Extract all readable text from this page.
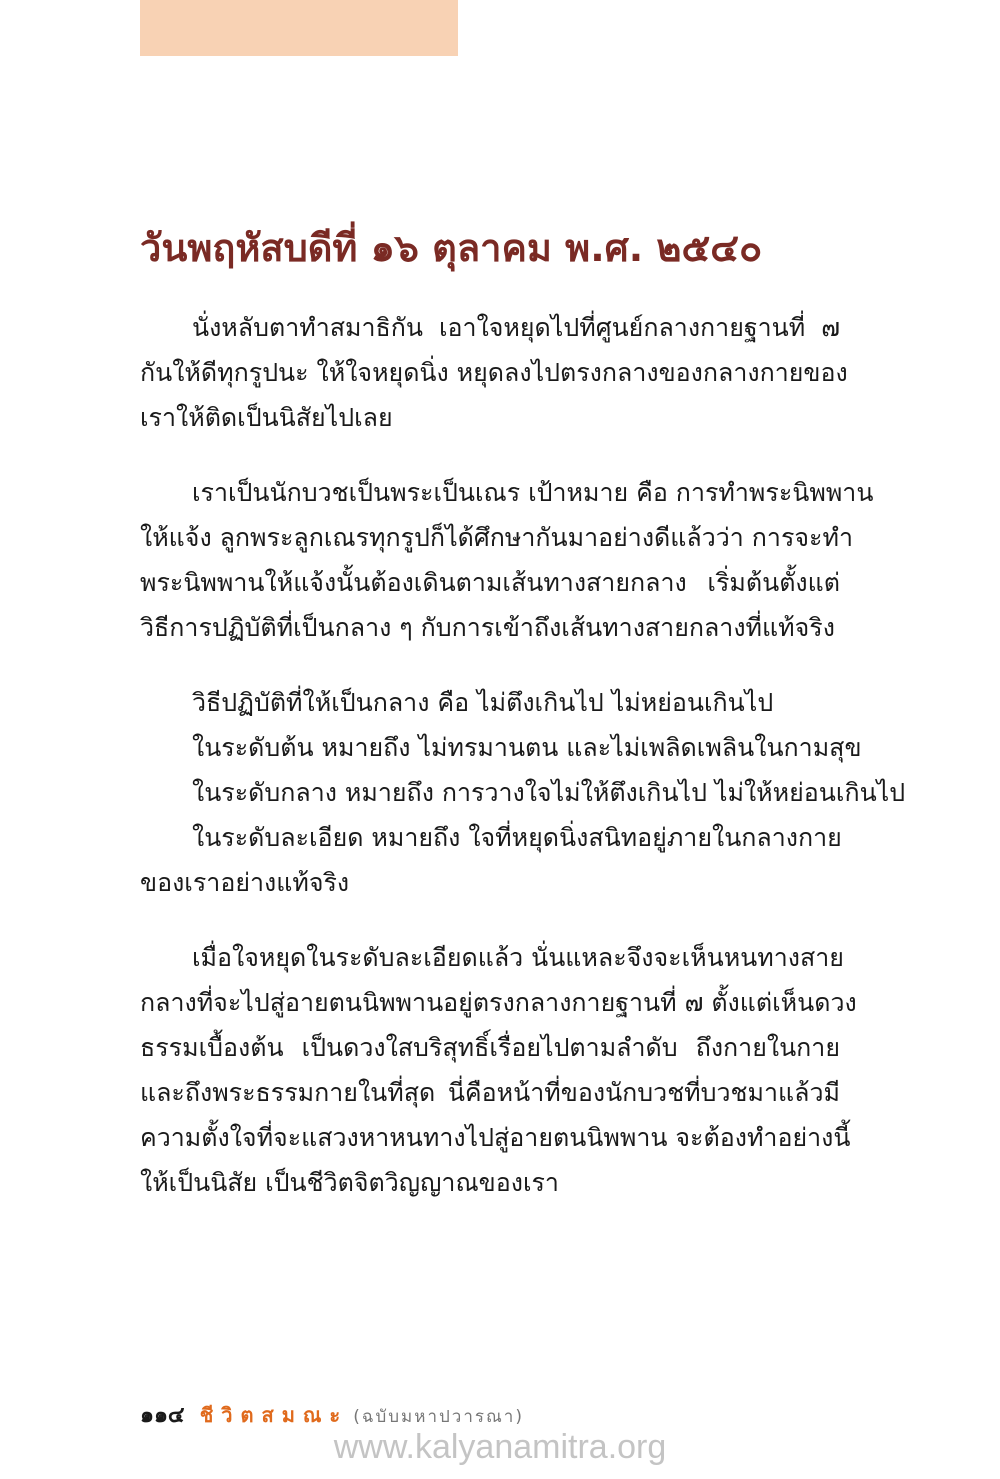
วันพฤหัสบดีที่ ๑๖ ตุลาคม พ.ศ. ๒๕๔๐

นั่งหลับตาทำสมาธิกัน เอาใจหยุดไปที่ศูนย์กลางกายฐานที่ ๗
กันให้ดีทุกรูปนะ ให้ใจหยุดนิ่ง หยุดลงไปตรงกลางของกลางกายของ
เราให้ติดเป็นนิสัยไปเลย

เราเป็นนักบวชเป็นพระเป็นเณร เป้าหมาย คือ การทำพระนิพพาน
ให้แจ้ง ลูกพระลูกเณรทุกรูปก็ได้ศึกษากันมาอย่างดีแล้วว่า การจะทำ
พระนิพพานให้แจ้งนั้นต้องเดินตามเส้นทางสายกลาง เริ่มต้นตั้งแต่
วิธีการปฏิบัติที่เป็นกลาง ๆ กับการเข้าถึงเส้นทางสายกลางที่แท้จริง

วิธีปฏิบัติที่ให้เป็นกลาง คือ ไม่ตึงเกินไป ไม่หย่อนเกินไป
ในระดับต้น หมายถึง ไม่ทรมานตน และไม่เพลิดเพลินในกามสุข
ในระดับกลาง หมายถึง การวางใจไม่ให้ตึงเกินไป ไม่ให้หย่อนเกินไป
ในระดับละเอียด หมายถึง ใจที่หยุดนิ่งสนิทอยู่ภายในกลางกาย
ของเราอย่างแท้จริง

เมื่อใจหยุดในระดับละเอียดแล้ว นั่นแหละจึงจะเห็นหนทางสาย
กลางที่จะไปสู่อายตนนิพพานอยู่ตรงกลางกายฐานที่ ๗ ตั้งแต่เห็นดวง
ธรรมเบื้องต้น เป็นดวงใสบริสุทธิ์เรื่อยไปตามลำดับ ถึงกายในกาย
และถึงพระธรรมกายในที่สุด นี่คือหน้าที่ของนักบวชที่บวชมาแล้วมี
ความตั้งใจที่จะแสวงหาหนทางไปสู่อายตนนิพพาน จะต้องทำอย่างนี้
ให้เป็นนิสัย เป็นชีวิตจิตวิญญาณของเรา

๑๑๔ ชีวิตสมณะ (ฉบับมหาปวารณา)
www.kalyanamitra.org
